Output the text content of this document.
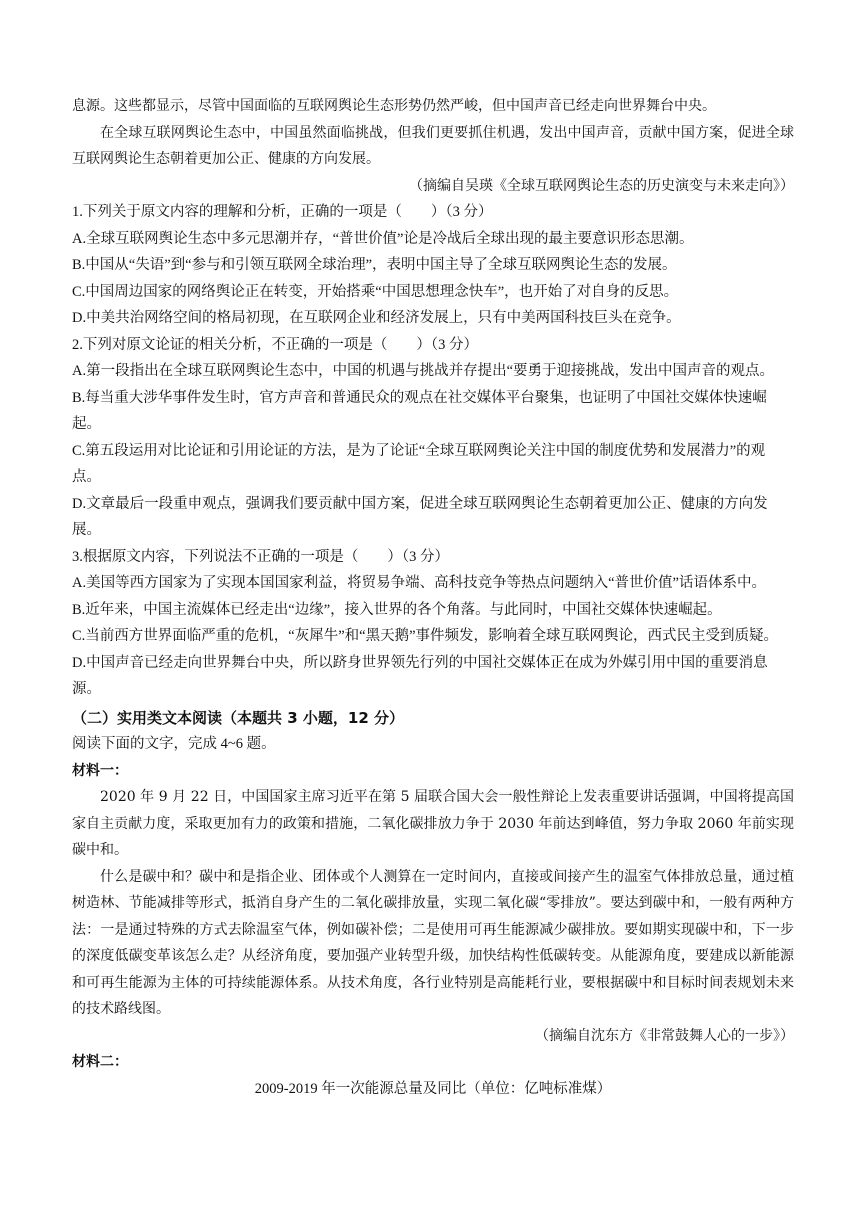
息源。这些都显示，尽管中国面临的互联网舆论生态形势仍然严峻，但中国声音已经走向世界舞台中央。

在全球互联网舆论生态中，中国虽然面临挑战，但我们更要抓住机遇，发出中国声音，贡献中国方案，促进全球互联网舆论生态朝着更加公正、健康的方向发展。

（摘编自吴瑛《全球互联网舆论生态的历史演变与未来走向》）

1.下列关于原文内容的理解和分析，正确的一项是（　　）（3 分）

A.全球互联网舆论生态中多元思潮并存，“普世价值”论是冷战后全球出现的最主要意识形态思潮。

B.中国从“失语”到“参与和引领互联网全球治理”，表明中国主导了全球互联网舆论生态的发展。

C.中国周边国家的网络舆论正在转变，开始搭乘“中国思想理念快车”，也开始了对自身的反思。

D.中美共治网络空间的格局初现，在互联网企业和经济发展上，只有中美两国科技巨头在竞争。

2.下列对原文论证的相关分析，不正确的一项是（　　）（3 分）

A.第一段指出在全球互联网舆论生态中，中国的机遇与挑战并存提出“要勇于迎接挑战，发出中国声音的观点。

B.每当重大涉华事件发生时，官方声音和普通民众的观点在社交媒体平台聚集，也证明了中国社交媒体快速崛起。

C.第五段运用对比论证和引用论证的方法，是为了论证“全球互联网舆论关注中国的制度优势和发展潜力”的观点。

D.文章最后一段重申观点，强调我们要贡献中国方案，促进全球互联网舆论生态朝着更加公正、健康的方向发展。

3.根据原文内容，下列说法不正确的一项是（　　）（3 分）

A.美国等西方国家为了实现本国国家利益，将贸易争端、高科技竞争等热点问题纳入“普世价值”话语体系中。

B.近年来，中国主流媒体已经走出“边缘”，接入世界的各个角落。与此同时，中国社交媒体快速崛起。

C.当前西方世界面临严重的危机，“灰犀牛”和“黑天鹅”事件频发，影响着全球互联网舆论，西式民主受到质疑。

D.中国声音已经走向世界舞台中央，所以跻身世界领先行列的中国社交媒体正在成为外媒引用中国的重要消息源。

（二）实用类文本阅读（本题共 3 小题，12 分）

阅读下面的文字，完成 4~6 题。

材料一：

2020 年 9 月 22 日，中国国家主席习近平在第 5 届联合国大会一般性辩论上发表重要讲话强调，中国将提高国家自主贡献力度，采取更加有力的政策和措施，二氧化碳排放力争于 2030 年前达到峰值，努力争取 2060 年前实现碳中和。

什么是碳中和？碳中和是指企业、团体或个人测算在一定时间内，直接或间接产生的温室气体排放总量，通过植树造林、节能减排等形式，抵消自身产生的二氧化碳排放量，实现二氧化碳“零排放”。要达到碳中和，一般有两种方法：一是通过特殊的方式去除温室气体，例如碳补偿；二是使用可再生能源减少碳排放。要如期实现碳中和，下一步的深度低碳变革该怎么走？从经济角度，要加强产业转型升级，加快结构性低碳转变。从能源角度，要建成以新能源和可再生能源为主体的可持续能源体系。从技术角度，各行业特别是高能耗行业，要根据碳中和目标时间表规划未来的技术路线图。

（摘编自沈东方《非常鼓舞人心的一步》）

材料二：

2009-2019 年一次能源总量及同比（单位：亿吨标准煤）
